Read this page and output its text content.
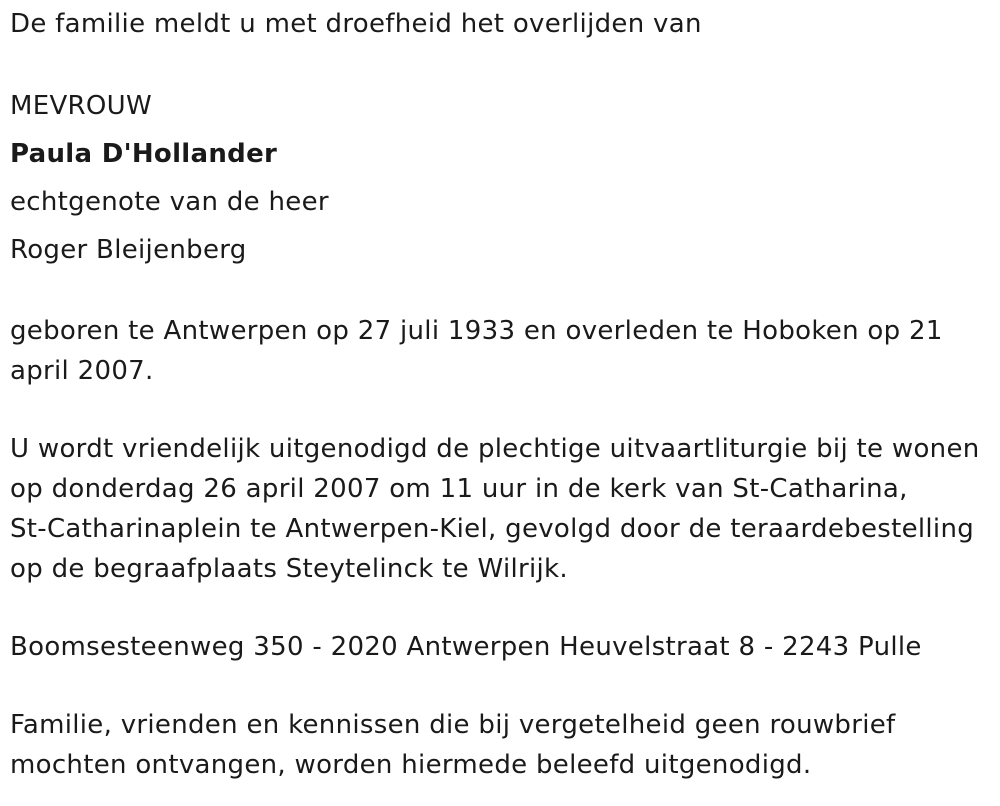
De familie meldt u met droefheid het overlijden van
MEVROUW
Paula D'Hollander
echtgenote van de heer
Roger Bleijenberg
geboren te Antwerpen op 27 juli 1933 en overleden te Hoboken op 21
april 2007.
U wordt vriendelijk uitgenodigd de plechtige uitvaartliturgie bij te wonen
op donderdag 26 april 2007 om 11 uur in de kerk van St-Catharina,
St-Catharinaplein te Antwerpen-Kiel, gevolgd door de teraardebestelling
op de begraafplaats Steytelinck te Wilrijk.
Boomsesteenweg 350 - 2020 Antwerpen Heuvelstraat 8 - 2243 Pulle
Familie, vrienden en kennissen die bij vergetelheid geen rouwbrief
mochten ontvangen, worden hiermede beleefd uitgenodigd.
